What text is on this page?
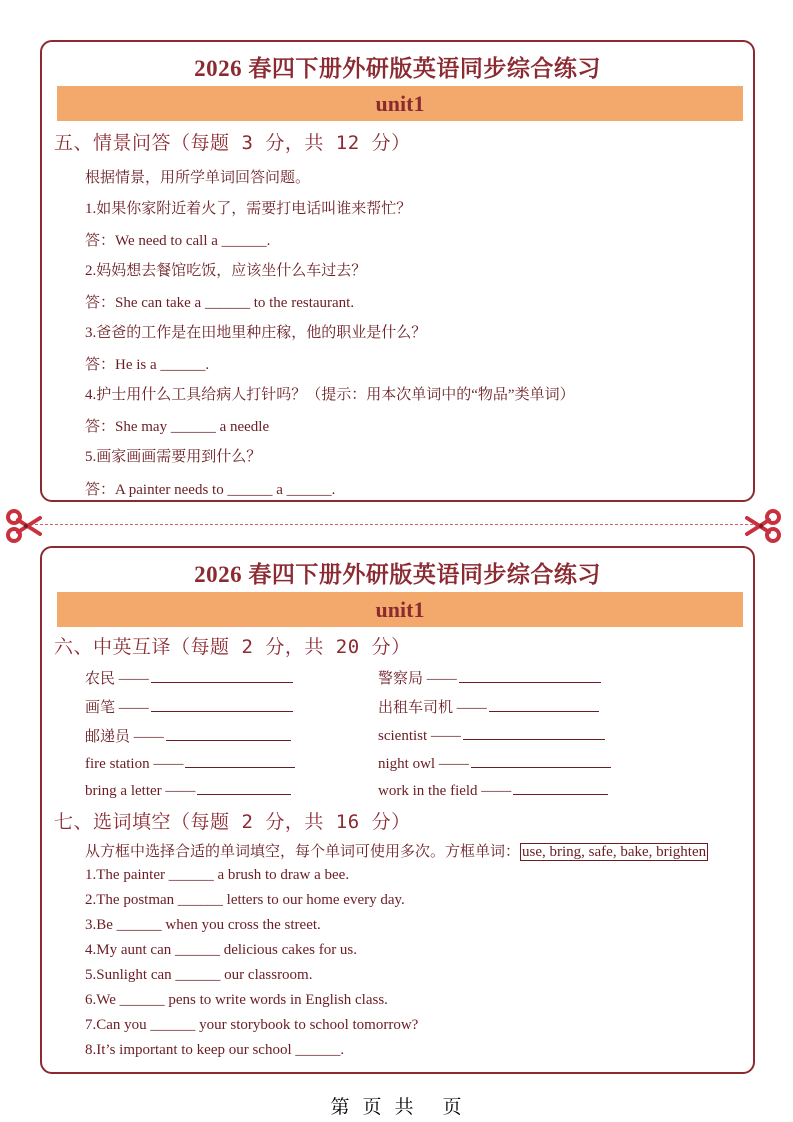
2026 春四下册外研版英语同步综合练习
unit1
五、情景问答（每题 3 分，共 12 分）
根据情景，用所学单词回答问题。
1.如果你家附近着火了，需要打电话叫谁来帮忙？
答：We need to call a ______.
2.妈妈想去餐馆吃饭，应该坐什么车过去？
答：She can take a ______ to the restaurant.
3.爸爸的工作是在田地里种庄稼，他的职业是什么？
答：He is a ______.
4.护士用什么工具给病人打针吗？（提示：用本次单词中的“物品”类单词）
答：She may ______ a needle
5.画家画画需要用到什么？
答：A painter needs to ______ a ______.
2026 春四下册外研版英语同步综合练习
unit1
六、中英互译（每题 2 分，共 20 分）
农民 ——	警察局 ——
画笔 ——	出租车司机 ——
邮递员 ——	scientist ——
fire station ——	night owl ——
bring a letter ——	work in the field ——
七、选词填空（每题 2 分，共 16 分）
从方框中选择合适的单词填空，每个单词可使用多次。方框单词： use, bring, safe, bake, brighten
1.The painter ______ a brush to draw a bee.
2.The postman ______ letters to our home every day.
3.Be ______ when you cross the street.
4.My aunt can ______ delicious cakes for us.
5.Sunlight can ______ our classroom.
6.We ______ pens to write words in English class.
7.Can you ______ your storybook to school tomorrow?
8.It’s important to keep our school ______.
第 页 共 页
